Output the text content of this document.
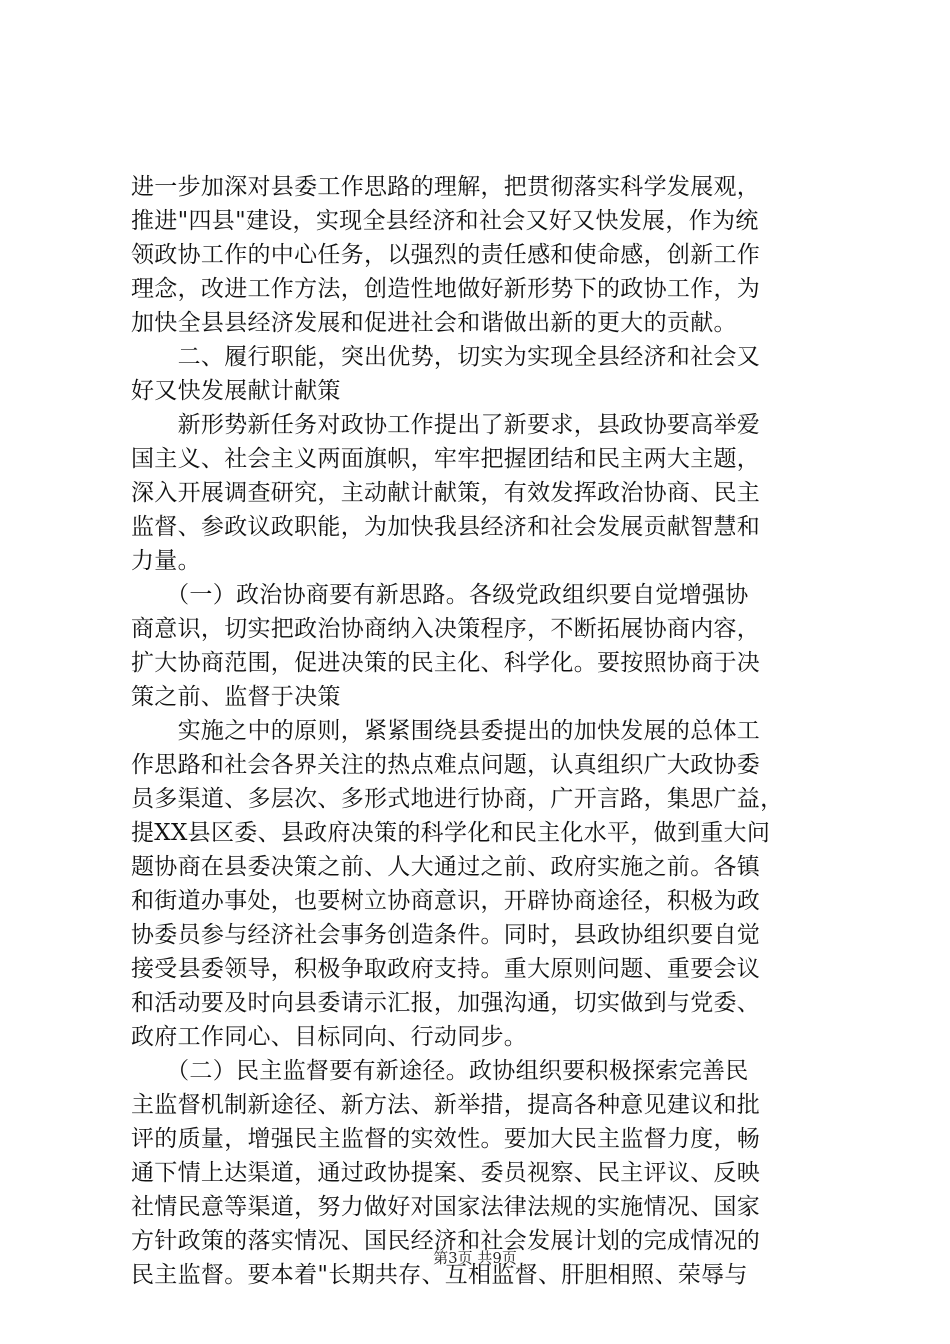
进一步加深对县委工作思路的理解，把贯彻落实科学发展观，
推进"四县"建设，实现全县经济和社会又好又快发展，作为统
领政协工作的中心任务，以强烈的责任感和使命感，创新工作
理念，改进工作方法，创造性地做好新形势下的政协工作，为
加快全县县经济发展和促进社会和谐做出新的更大的贡献。
　　二、履行职能，突出优势，切实为实现全县经济和社会又
好又快发展献计献策
　　新形势新任务对政协工作提出了新要求，县政协要高举爱
国主义、社会主义两面旗帜，牢牢把握团结和民主两大主题，
深入开展调查研究，主动献计献策，有效发挥政治协商、民主
监督、参政议政职能，为加快我县经济和社会发展贡献智慧和
力量。
　　（一）政治协商要有新思路。各级党政组织要自觉增强协
商意识，切实把政治协商纳入决策程序，不断拓展协商内容，
扩大协商范围，促进决策的民主化、科学化。要按照协商于决
策之前、监督于决策
　　实施之中的原则，紧紧围绕县委提出的加快发展的总体工
作思路和社会各界关注的热点难点问题，认真组织广大政协委
员多渠道、多层次、多形式地进行协商，广开言路，集思广益，
提XX县区委、县政府决策的科学化和民主化水平，做到重大问
题协商在县委决策之前、人大通过之前、政府实施之前。各镇
和街道办事处，也要树立协商意识，开辟协商途径，积极为政
协委员参与经济社会事务创造条件。同时，县政协组织要自觉
接受县委领导，积极争取政府支持。重大原则问题、重要会议
和活动要及时向县委请示汇报，加强沟通，切实做到与党委、
政府工作同心、目标同向、行动同步。
　　（二）民主监督要有新途径。政协组织要积极探索完善民
主监督机制新途径、新方法、新举措，提高各种意见建议和批
评的质量，增强民主监督的实效性。要加大民主监督力度，畅
通下情上达渠道，通过政协提案、委员视察、民主评议、反映
社情民意等渠道，努力做好对国家法律法规的实施情况、国家
方针政策的落实情况、国民经济和社会发展计划的完成情况的
民主监督。要本着"长期共存、互相监督、肝胆相照、荣辱与
第3页 共9页
